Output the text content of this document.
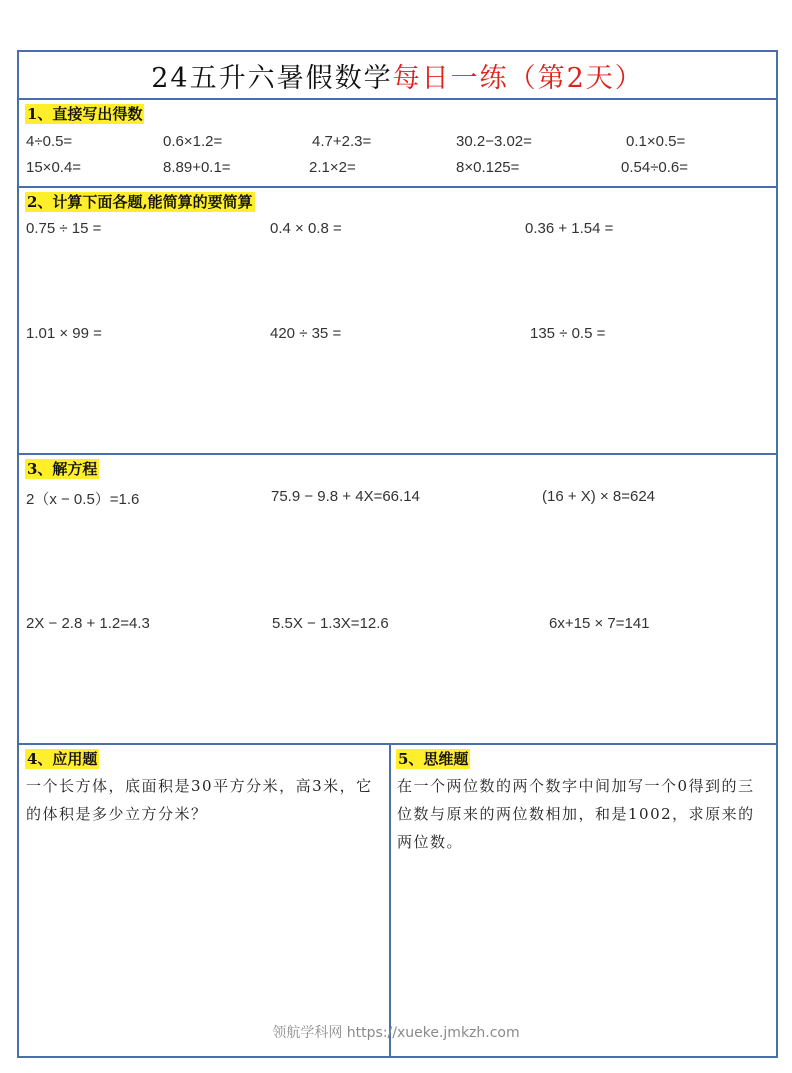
24五升六暑假数学每日一练（第2天）
1、直接写出得数
4÷0.5=	0.6×1.2=	4.7+2.3=	30.2−3.02=	0.1×0.5=
15×0.4=	8.89+0.1=	2.1×2=	8×0.125=	0.54÷0.6=
2、计算下面各题,能简算的要简算
0.75 ÷ 15 =	0.4 × 0.8 =	0.36 + 1.54 =
1.01 × 99 =	420 ÷ 35 =	135 ÷ 0.5 =
3、解方程
2（x − 0.5）=1.6	75.9 − 9.8 + 4X=66.14	(16 + X) × 8=624
2X − 2.8 + 1.2=4.3	5.5X − 1.3X=12.6	6x+15 × 7=141
4、应用题
一个长方体，底面积是30平方分米，高3米，它的体积是多少立方分米？
5、思维题
在一个两位数的两个数字中间加写一个0得到的三位数与原来的两位数相加，和是1002，求原来的两位数。
领航学科网 https://xueke.jmkzh.com
